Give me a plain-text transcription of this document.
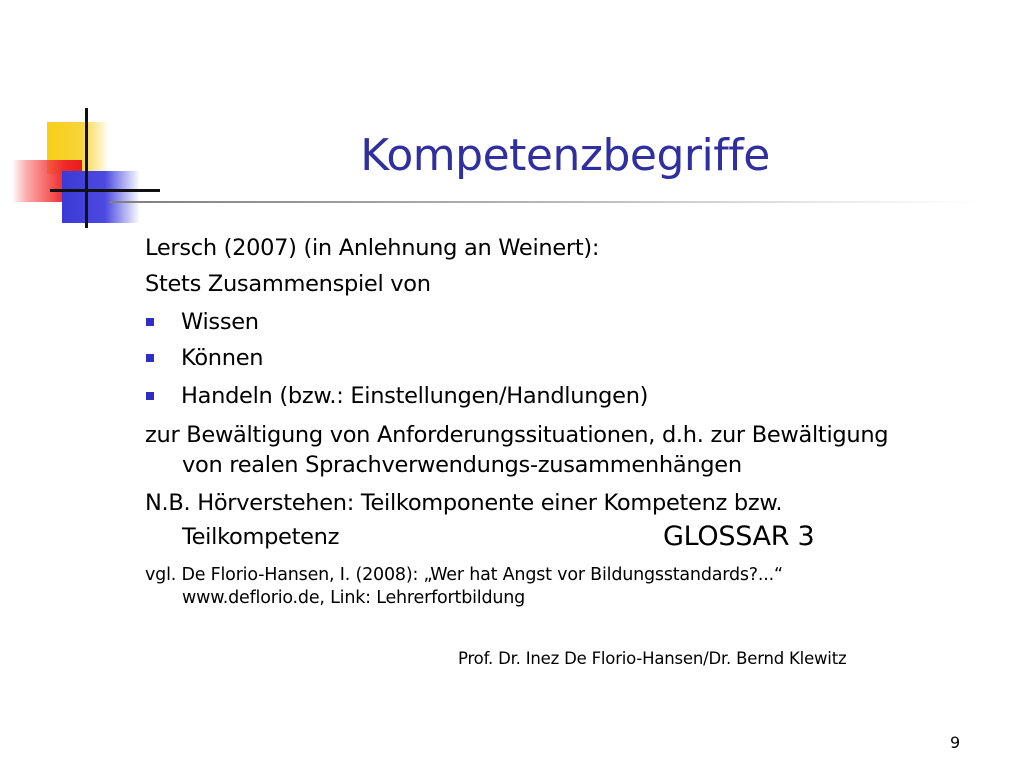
Kompetenzbegriffe
Lersch (2007) (in Anlehnung an Weinert):
Stets Zusammenspiel von
Wissen
Können
Handeln (bzw.: Einstellungen/Handlungen)
zur Bewältigung von Anforderungssituationen, d.h. zur Bewältigung
von realen Sprachverwendungs-zusammenhängen
N.B. Hörverstehen: Teilkomponente einer Kompetenz bzw.
Teilkompetenz	GLOSSAR 3
vgl. De Florio-Hansen, I. (2008): „Wer hat Angst vor Bildungsstandards?...“
www.deflorio.de, Link: Lehrerfortbildung
Prof. Dr. Inez De Florio-Hansen/Dr. Bernd Klewitz
9
